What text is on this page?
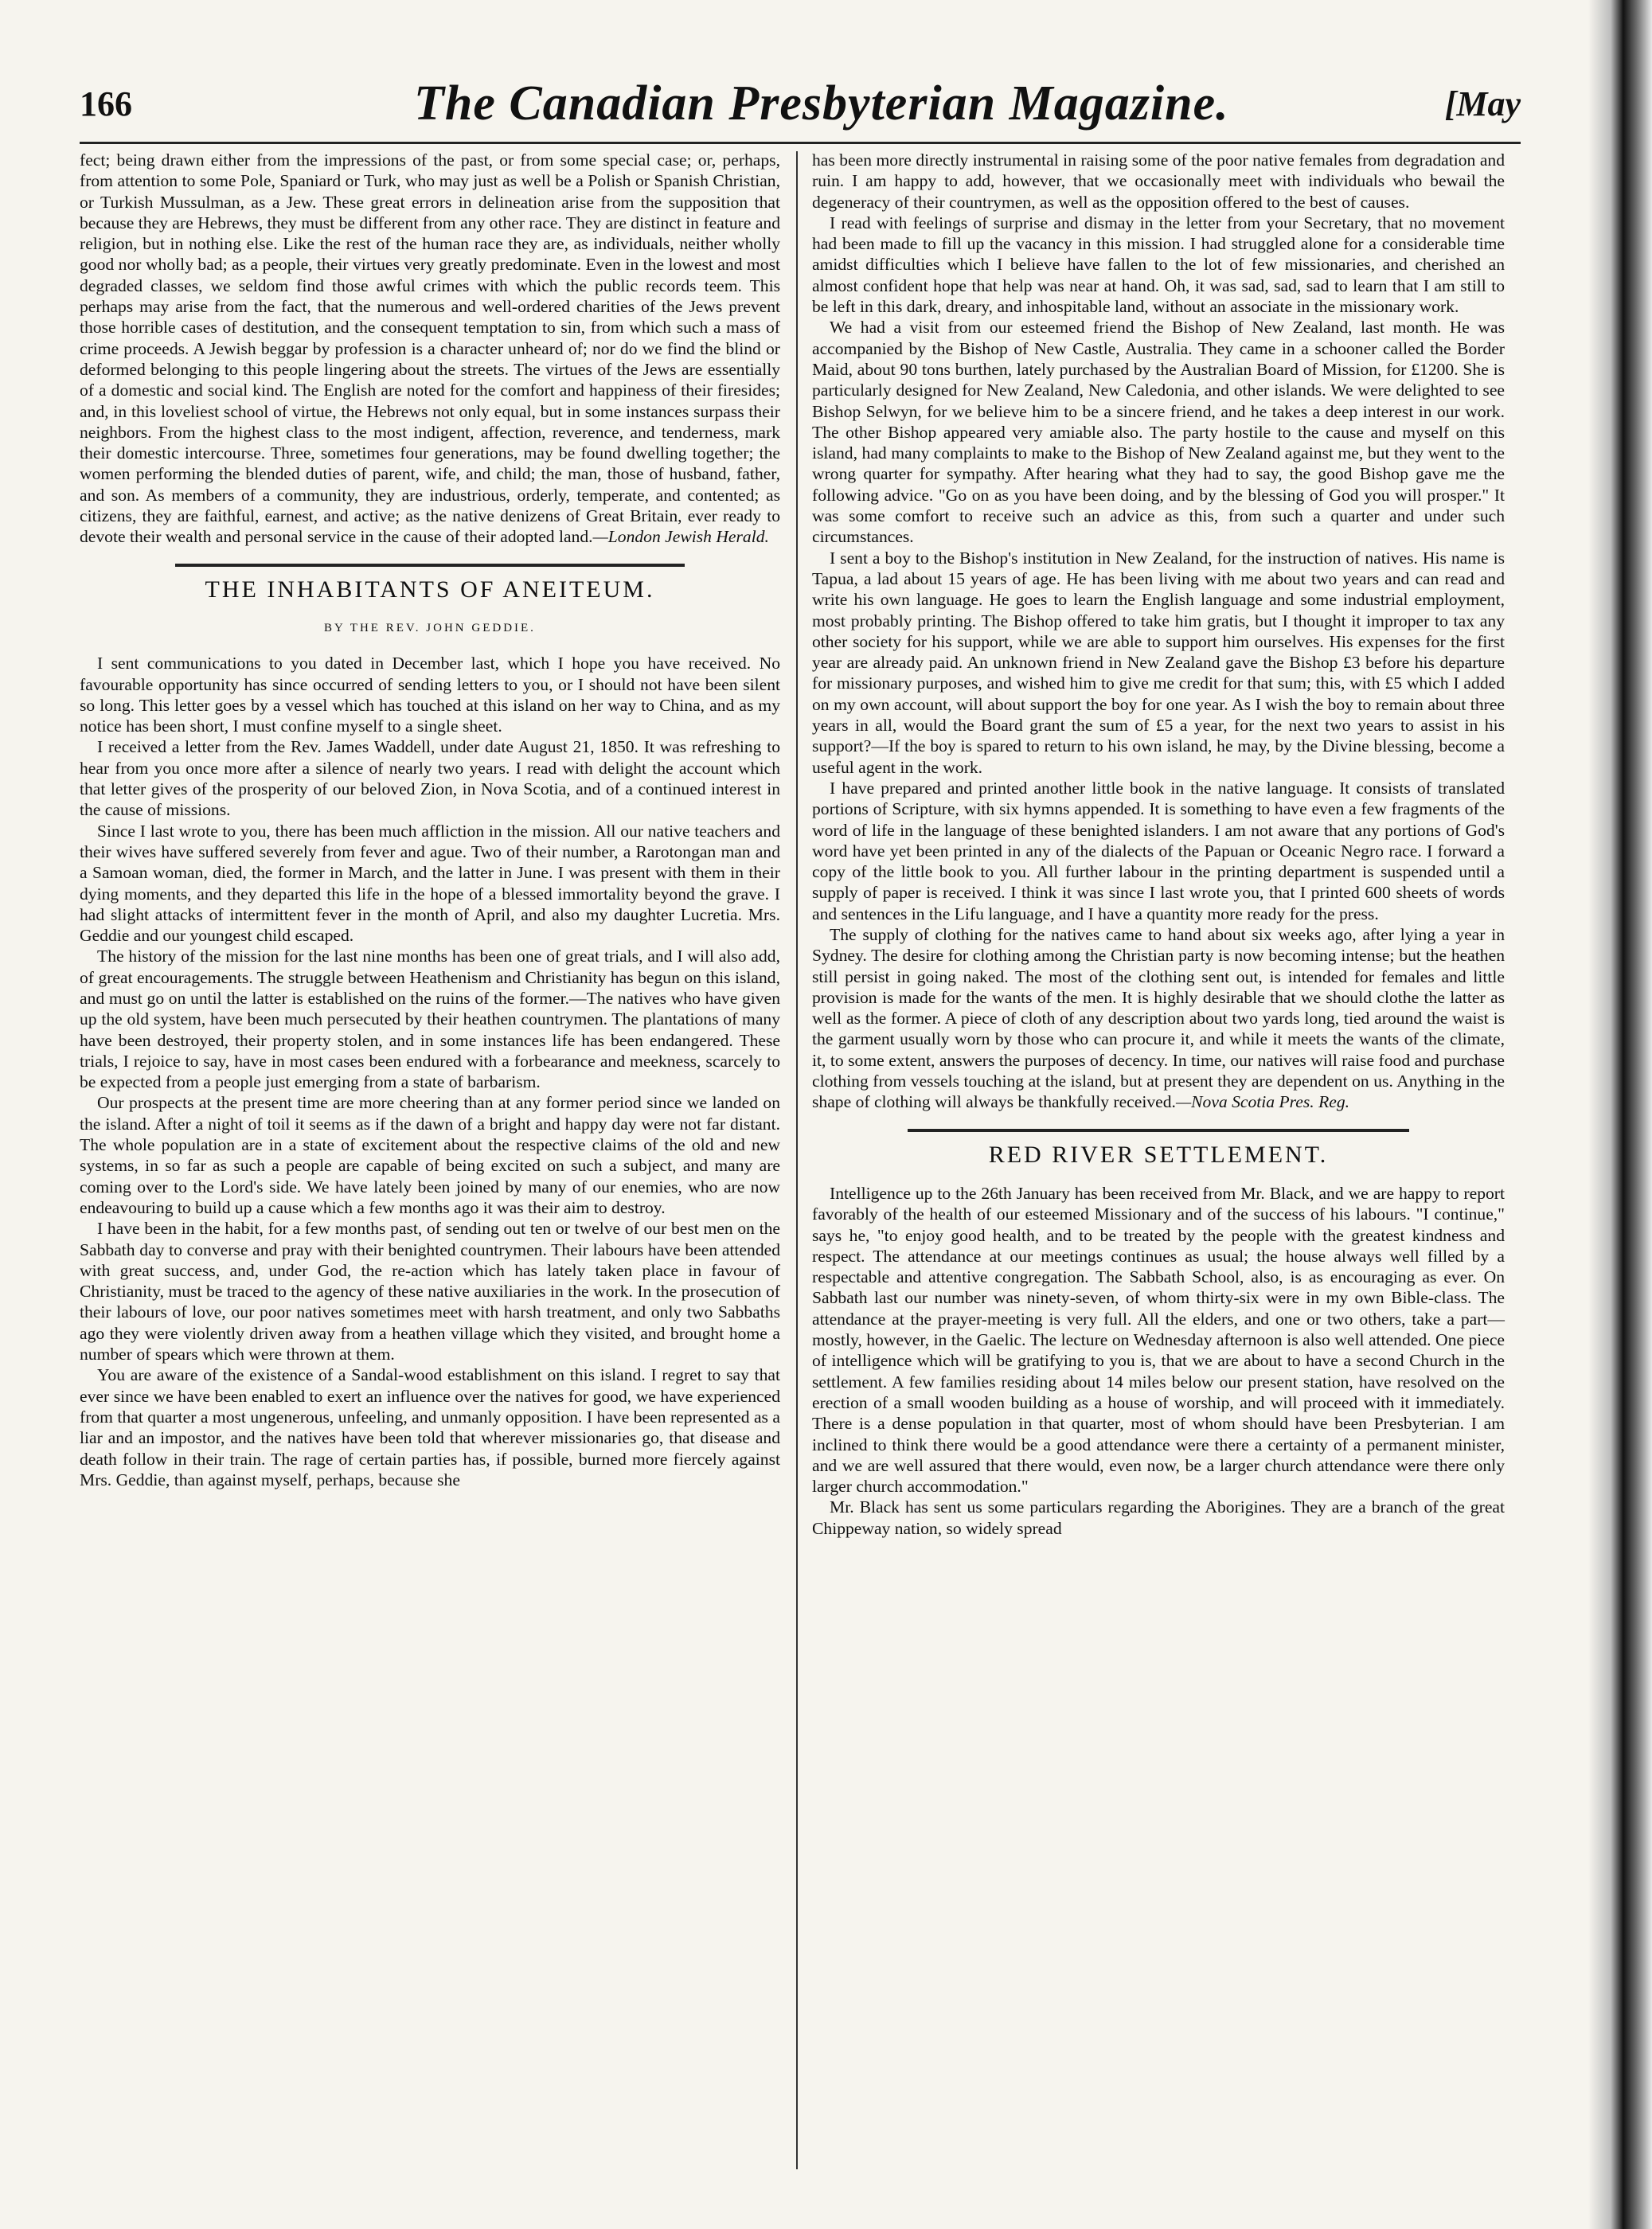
166	The Canadian Presbyterian Magazine.	[May

fect; being drawn either from the impressions of the past, or from some special case; or, perhaps, from attention to some Pole, Spaniard or Turk, who may just as well be a Polish or Spanish Christian, or Turkish Mussulman, as a Jew. These great errors in delineation arise from the supposition that because they are Hebrews, they must be different from any other race. They are distinct in feature and religion, but in nothing else. Like the rest of the human race they are, as individuals, neither wholly good nor wholly bad; as a people, their virtues very greatly predominate. Even in the lowest and most degraded classes, we seldom find those awful crimes with which the public records teem. This perhaps may arise from the fact, that the numerous and well-ordered charities of the Jews prevent those horrible cases of destitution, and the consequent temptation to sin, from which such a mass of crime proceeds. A Jewish beggar by profession is a character unheard of; nor do we find the blind or deformed belonging to this people lingering about the streets. The virtues of the Jews are essentially of a domestic and social kind. The English are noted for the comfort and happiness of their firesides; and, in this loveliest school of virtue, the Hebrews not only equal, but in some instances surpass their neighbors. From the highest class to the most indigent, affection, reverence, and tenderness, mark their domestic intercourse. Three, sometimes four generations, may be found dwelling together; the women performing the blended duties of parent, wife, and child; the man, those of husband, father, and son. As members of a community, they are industrious, orderly, temperate, and contented; as citizens, they are faithful, earnest, and active; as the native denizens of Great Britain, ever ready to devote their wealth and personal service in the cause of their adopted land.—London Jewish Herald.

THE INHABITANTS OF ANEITEUM.
BY THE REV. JOHN GEDDIE.

I sent communications to you dated in December last, which I hope you have received. No favourable opportunity has since occurred of sending letters to you, or I should not have been silent so long. This letter goes by a vessel which has touched at this island on her way to China, and as my notice has been short, I must confine myself to a single sheet.

I received a letter from the Rev. James Waddell, under date August 21, 1850. It was refreshing to hear from you once more after a silence of nearly two years. I read with delight the account which that letter gives of the prosperity of our beloved Zion, in Nova Scotia, and of a continued interest in the cause of missions.

Since I last wrote to you, there has been much affliction in the mission. All our native teachers and their wives have suffered severely from fever and ague. Two of their number, a Rarotongan man and a Samoan woman, died, the former in March, and the latter in June. I was present with them in their dying moments, and they departed this life in the hope of a blessed immortality beyond the grave. I had slight attacks of intermittent fever in the month of April, and also my daughter Lucretia. Mrs. Geddie and our youngest child escaped.

The history of the mission for the last nine months has been one of great trials, and I will also add, of great encouragements. The struggle between Heathenism and Christianity has begun on this island, and must go on until the latter is established on the ruins of the former.—The natives who have given up the old system, have been much persecuted by their heathen countrymen. The plantations of many have been destroyed, their property stolen, and in some instances life has been endangered. These trials, I rejoice to say, have in most cases been endured with a forbearance and meekness, scarcely to be expected from a people just emerging from a state of barbarism.

Our prospects at the present time are more cheering than at any former period since we landed on the island. After a night of toil it seems as if the dawn of a bright and happy day were not far distant. The whole population are in a state of excitement about the respective claims of the old and new systems, in so far as such a people are capable of being excited on such a subject, and many are coming over to the Lord's side. We have lately been joined by many of our enemies, who are now endeavouring to build up a cause which a few months ago it was their aim to destroy.

I have been in the habit, for a few months past, of sending out ten or twelve of our best men on the Sabbath day to converse and pray with their benighted countrymen. Their labours have been attended with great success, and, under God, the re-action which has lately taken place in favour of Christianity, must be traced to the agency of these native auxiliaries in the work. In the prosecution of their labours of love, our poor natives sometimes meet with harsh treatment, and only two Sabbaths ago they were violently driven away from a heathen village which they visited, and brought home a number of spears which were thrown at them.

You are aware of the existence of a Sandal-wood establishment on this island. I regret to say that ever since we have been enabled to exert an influence over the natives for good, we have experienced from that quarter a most ungenerous, unfeeling, and unmanly opposition. I have been represented as a liar and an impostor, and the natives have been told that wherever missionaries go, that disease and death follow in their train. The rage of certain parties has, if possible, burned more fiercely against Mrs. Geddie, than against myself, perhaps, because she

has been more directly instrumental in raising some of the poor native females from degradation and ruin. I am happy to add, however, that we occasionally meet with individuals who bewail the degeneracy of their countrymen, as well as the opposition offered to the best of causes.

I read with feelings of surprise and dismay in the letter from your Secretary, that no movement had been made to fill up the vacancy in this mission. I had struggled alone for a considerable time amidst difficulties which I believe have fallen to the lot of few missionaries, and cherished an almost confident hope that help was near at hand. Oh, it was sad, sad, sad to learn that I am still to be left in this dark, dreary, and inhospitable land, without an associate in the missionary work.

We had a visit from our esteemed friend the Bishop of New Zealand, last month. He was accompanied by the Bishop of New Castle, Australia. They came in a schooner called the Border Maid, about 90 tons burthen, lately purchased by the Australian Board of Mission, for £1200. She is particularly designed for New Zealand, New Caledonia, and other islands. We were delighted to see Bishop Selwyn, for we believe him to be a sincere friend, and he takes a deep interest in our work. The other Bishop appeared very amiable also. The party hostile to the cause and myself on this island, had many complaints to make to the Bishop of New Zealand against me, but they went to the wrong quarter for sympathy. After hearing what they had to say, the good Bishop gave me the following advice. "Go on as you have been doing, and by the blessing of God you will prosper." It was some comfort to receive such an advice as this, from such a quarter and under such circumstances.

I sent a boy to the Bishop's institution in New Zealand, for the instruction of natives. His name is Tapua, a lad about 15 years of age. He has been living with me about two years and can read and write his own language. He goes to learn the English language and some industrial employment, most probably printing. The Bishop offered to take him gratis, but I thought it improper to tax any other society for his support, while we are able to support him ourselves. His expenses for the first year are already paid. An unknown friend in New Zealand gave the Bishop £3 before his departure for missionary purposes, and wished him to give me credit for that sum; this, with £5 which I added on my own account, will about support the boy for one year. As I wish the boy to remain about three years in all, would the Board grant the sum of £5 a year, for the next two years to assist in his support?—If the boy is spared to return to his own island, he may, by the Divine blessing, become a useful agent in the work.

I have prepared and printed another little book in the native language. It consists of translated portions of Scripture, with six hymns appended. It is something to have even a few fragments of the word of life in the language of these benighted islanders. I am not aware that any portions of God's word have yet been printed in any of the dialects of the Papuan or Oceanic Negro race. I forward a copy of the little book to you. All further labour in the printing department is suspended until a supply of paper is received. I think it was since I last wrote you, that I printed 600 sheets of words and sentences in the Lifu language, and I have a quantity more ready for the press.

The supply of clothing for the natives came to hand about six weeks ago, after lying a year in Sydney. The desire for clothing among the Christian party is now becoming intense; but the heathen still persist in going naked. The most of the clothing sent out, is intended for females and little provision is made for the wants of the men. It is highly desirable that we should clothe the latter as well as the former. A piece of cloth of any description about two yards long, tied around the waist is the garment usually worn by those who can procure it, and while it meets the wants of the climate, it, to some extent, answers the purposes of decency. In time, our natives will raise food and purchase clothing from vessels touching at the island, but at present they are dependent on us. Anything in the shape of clothing will always be thankfully received.—Nova Scotia Pres. Reg.

RED RIVER SETTLEMENT.

Intelligence up to the 26th January has been received from Mr. Black, and we are happy to report favorably of the health of our esteemed Missionary and of the success of his labours. "I continue," says he, "to enjoy good health, and to be treated by the people with the greatest kindness and respect. The attendance at our meetings continues as usual; the house always well filled by a respectable and attentive congregation. The Sabbath School, also, is as encouraging as ever. On Sabbath last our number was ninety-seven, of whom thirty-six were in my own Bible-class. The attendance at the prayer-meeting is very full. All the elders, and one or two others, take a part—mostly, however, in the Gaelic. The lecture on Wednesday afternoon is also well attended. One piece of intelligence which will be gratifying to you is, that we are about to have a second Church in the settlement. A few families residing about 14 miles below our present station, have resolved on the erection of a small wooden building as a house of worship, and will proceed with it immediately. There is a dense population in that quarter, most of whom should have been Presbyterian. I am inclined to think there would be a good attendance were there a certainty of a permanent minister, and we are well assured that there would, even now, be a larger church attendance were there only larger church accommodation."

Mr. Black has sent us some particulars regarding the Aborigines. They are a branch of the great Chippeway nation, so widely spread
